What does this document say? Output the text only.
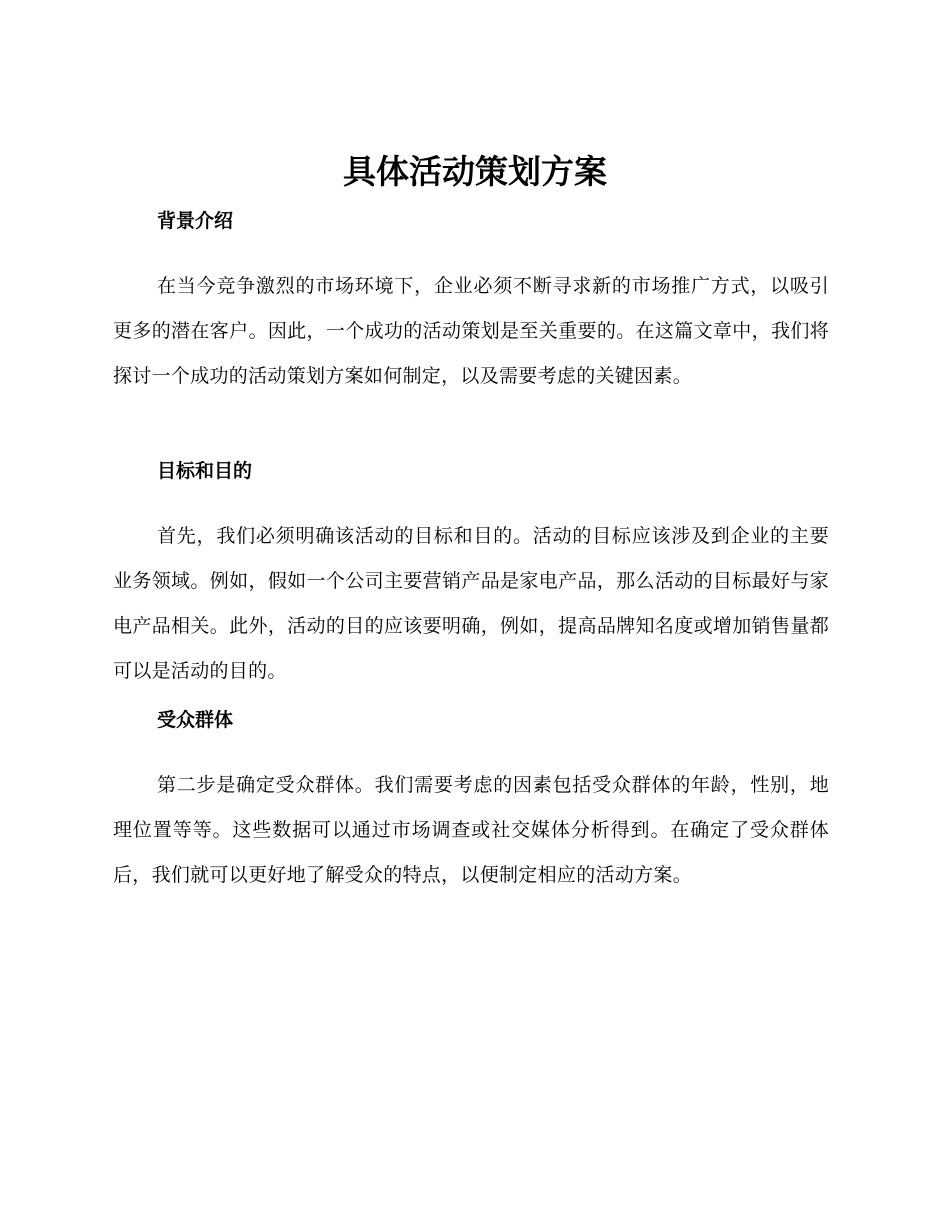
具体活动策划方案
背景介绍

在当今竞争激烈的市场环境下，企业必须不断寻求新的市场推广方式，以吸引更多的潜在客户。因此，一个成功的活动策划是至关重要的。在这篇文章中，我们将探讨一个成功的活动策划方案如何制定，以及需要考虑的关键因素。

目标和目的

首先，我们必须明确该活动的目标和目的。活动的目标应该涉及到企业的主要业务领域。例如，假如一个公司主要营销产品是家电产品，那么活动的目标最好与家电产品相关。此外，活动的目的应该要明确，例如，提高品牌知名度或增加销售量都可以是活动的目的。

受众群体

第二步是确定受众群体。我们需要考虑的因素包括受众群体的年龄，性别，地理位置等等。这些数据可以通过市场调查或社交媒体分析得到。在确定了受众群体后，我们就可以更好地了解受众的特点，以便制定相应的活动方案。
